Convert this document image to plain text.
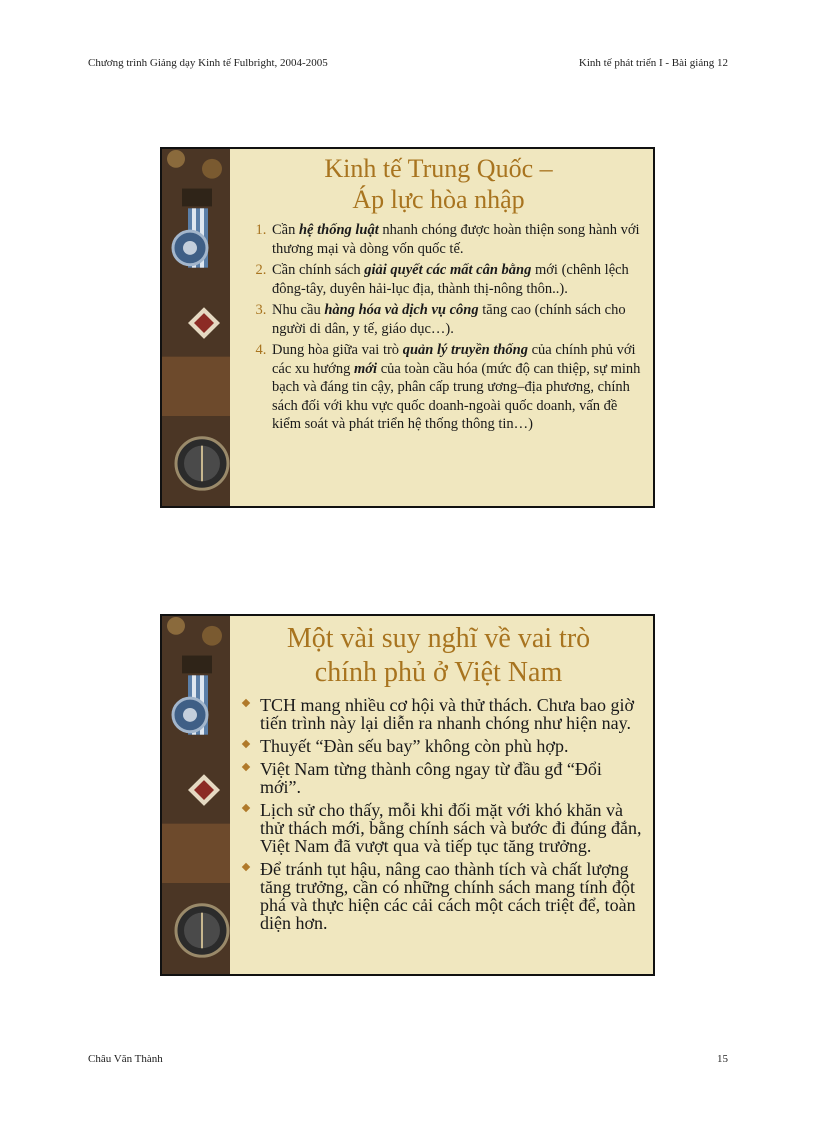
Chương trình Giảng dạy Kinh tế Fulbright, 2004-2005	Kinh tế phát triển I - Bài giảng 12
Kinh tế Trung Quốc –
Áp lực hòa nhập
1. Cần hệ thống luật nhanh chóng được hoàn thiện song hành với thương mại và dòng vốn quốc tế.
2. Cần chính sách giải quyết các mất cân bằng mới (chênh lệch đông-tây, duyên hải-lục địa, thành thị-nông thôn..).
3. Nhu cầu hàng hóa và dịch vụ công tăng cao (chính sách cho người di dân, y tế, giáo dục…).
4. Dung hòa giữa vai trò quản lý truyền thống của chính phủ với các xu hướng mới của toàn cầu hóa (mức độ can thiệp, sự minh bạch và đáng tin cậy, phân cấp trung ương–địa phương, chính sách đối với khu vực quốc doanh-ngoài quốc doanh, vấn đề kiểm soát và phát triển hệ thống thông tin…)
Một vài suy nghĩ về vai trò
chính phủ ở Việt Nam
TCH mang nhiều cơ hội và thử thách. Chưa bao giờ tiến trình này lại diễn ra nhanh chóng như hiện nay.
Thuyết “Đàn sếu bay” không còn phù hợp.
Việt Nam từng thành công ngay từ đầu gđ “Đổi mới”.
Lịch sử cho thấy, mỗi khi đối mặt với khó khăn và thử thách mới, bằng chính sách và bước đi đúng đắn, Việt Nam đã vượt qua và tiếp tục tăng trưởng.
Để tránh tụt hậu, nâng cao thành tích và chất lượng tăng trưởng, cần có những chính sách mang tính đột phá và thực hiện các cải cách một cách triệt để, toàn diện hơn.
Châu Văn Thành	15
